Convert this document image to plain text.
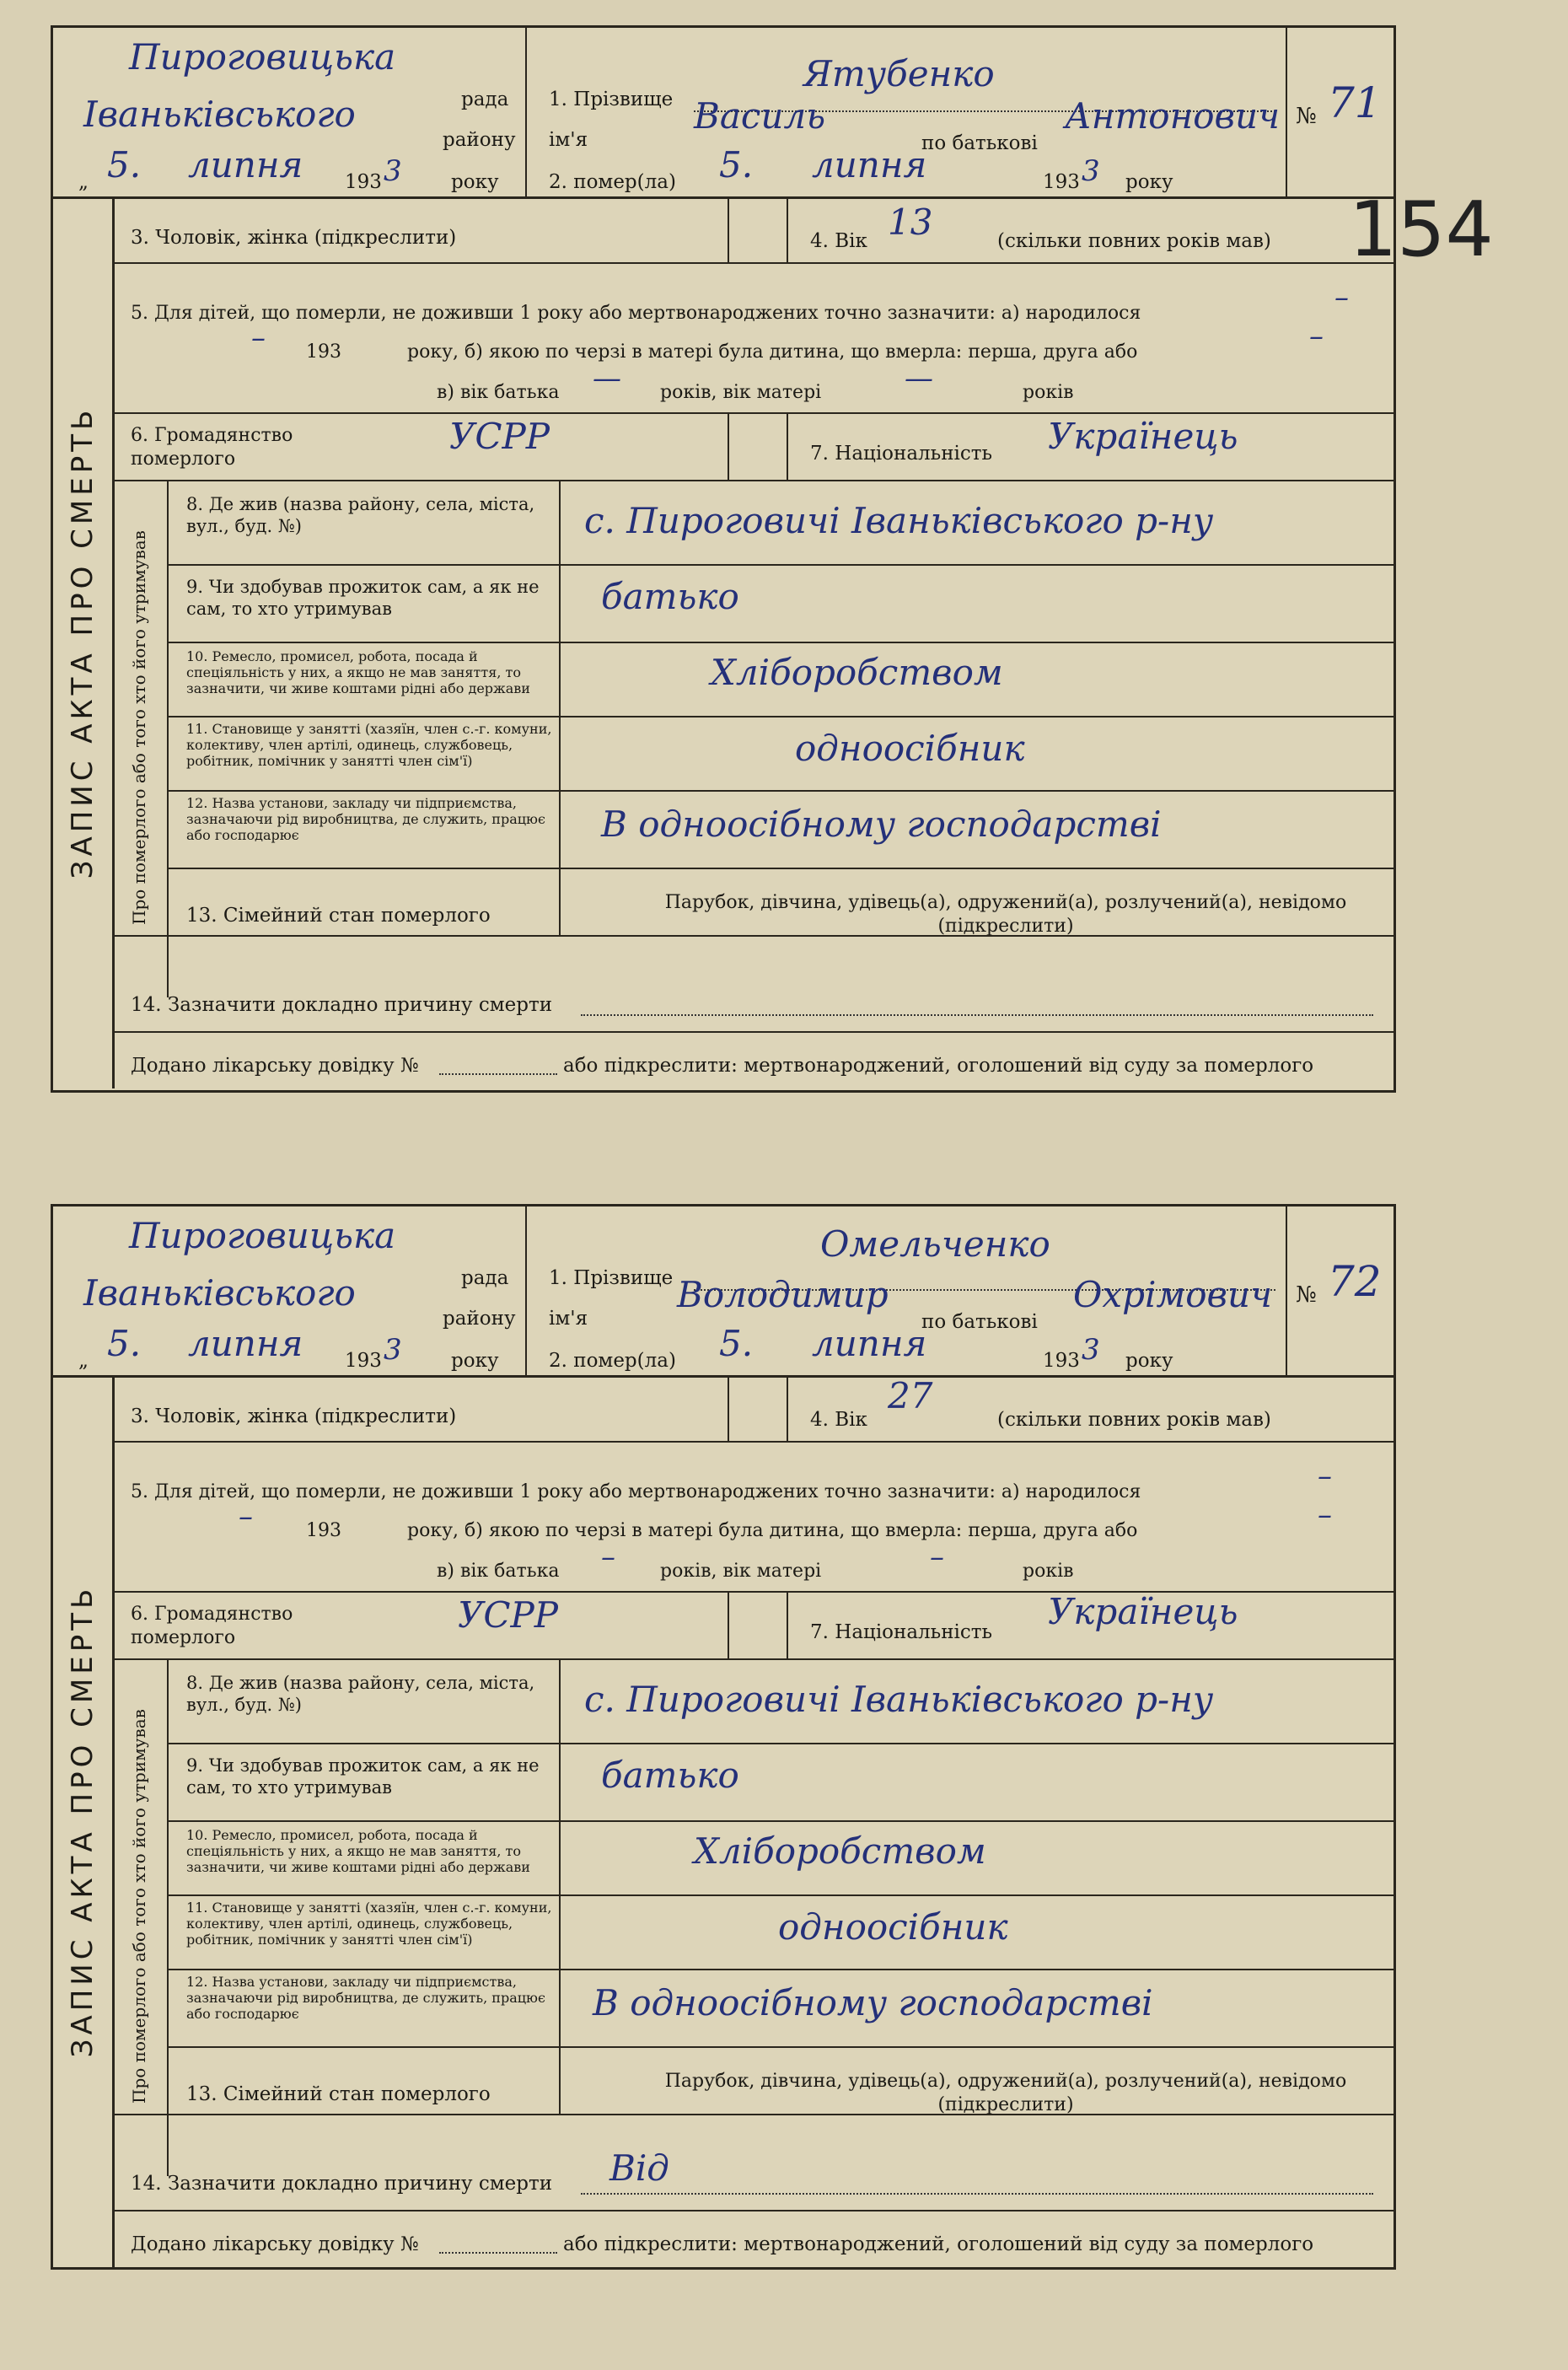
Пироговицька
рада
Іваньківського
району
„ 5. липня 193 3	року
1. Прізвище
Ятубенко
ім'я
Василь
по батькові
Антонович
2. помер(ла) 5. липня	193 3 року
№ 71
ЗАПИС АКТА ПРО СМЕРТЬ
3. Чоловік, жінка (підкреслити)	4. Вік 13	(скільки повних років мав)
5. Для дітей, що померли, не доживши 1 року або мертвонароджених точно зазначити: а) народилося	–
– 193	року, б) якою по черзі в матері була дитина, що вмерла: перша, друга або	–
в) вік батька — років, вік матері	—	років
6. Громадянство померлого
УСРР	7. Національність Українець
Про померлого або того хто його утримував
8. Де жив (назва району, села, міста, вул., буд. №)	с. Пироговичі Іваньківського р-ну
9. Чи здобував прожиток сам, а як не сам, то хто утримував	батько
10. Ремесло, промисел, робота, посада й спеціяльність у них, а якщо не мав заняття, то зазначити, чи живе коштами рідні або держави	Хліборобством
11. Становище у занятті (хазяїн, член с.-г. комуни, колективу, член артілі, одинець, службовець, робітник, помічник у занятті член сім'ї)	одноосібник
12. Назва установи, закладу чи підприємства, зазначаючи рід виробництва, де служить, працює або господарює	В одноосібному господарстві
13. Сімейний стан померлого
Парубок, дівчина, удівець(а), одружений(а), розлучений(а), невідомо (підкреслити)
14. Зазначити докладно причину смерти
Додано лікарську довідку №	або підкреслити: мертвонароджений, оголошений від суду за померлого
154
Пироговицька
рада
Іваньківського
району
„ 5. липня 193 3	року
1. Прізвище
Омельченко
ім'я
Володимир
по батькові
Охрімович
2. помер(ла) 5. липня	193 3 року
№ 72
ЗАПИС АКТА ПРО СМЕРТЬ
3. Чоловік, жінка (підкреслити)	4. Вік
27
(скільки повних років мав)
5. Для дітей, що померли, не доживши 1 року або мертвонароджених точно зазначити: а) народилося	–
–	193	року, б) якою по черзі в матері була дитина, що вмерла: перша, друга або	–
в) вік батька – років, вік матері	–	років
6. Громадянство померлого
УСРР	7. Національність Українець
Про померлого або того хто його утримував
8. Де жив (назва району, села, міста, вул., буд. №)	с. Пироговичі Іваньківського р-ну
9. Чи здобував прожиток сам, а як не сам, то хто утримував	батько
10. Ремесло, промисел, робота, посада й спеціяльність у них, а якщо не мав заняття, то зазначити, чи живе коштами рідні або держави	Хліборобством
11. Становище у занятті (хазяїн, член с.-г. комуни, колективу, член артілі, одинець, службовець, робітник, помічник у занятті член сім'ї)	одноосібник
12. Назва установи, закладу чи підприємства, зазначаючи рід виробництва, де служить, працює або господарює	В одноосібному господарстві
13. Сімейний стан померлого
Парубок, дівчина, удівець(а), одружений(а), розлучений(а), невідомо (підкреслити)
14. Зазначити докладно причину смерти Від
Додано лікарську довідку №	або підкреслити: мертвонароджений, оголошений від суду за померлого
